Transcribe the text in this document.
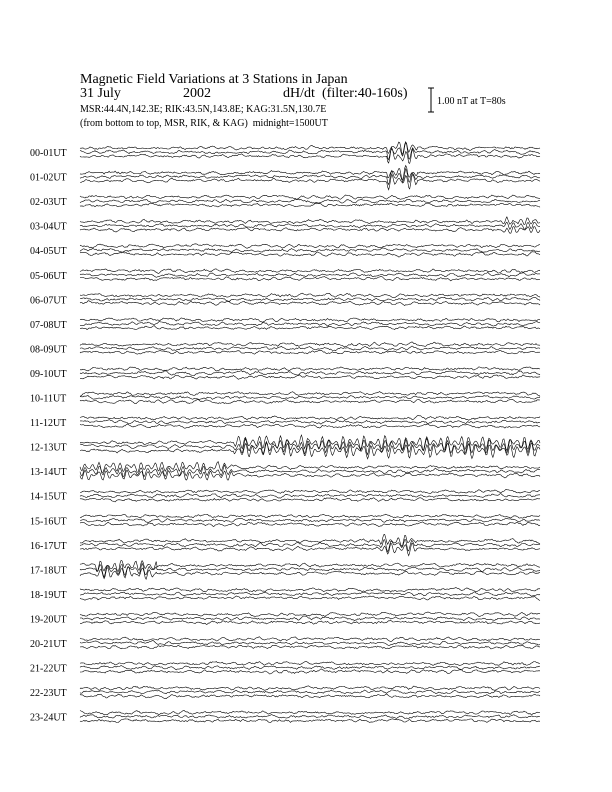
Magnetic Field Variations at 3 Stations in Japan
31 July	2002	dH/dt (filter:40-160s)
MSR:44.4N,142.3E; RIK:43.5N,143.8E; KAG:31.5N,130.7E
(from bottom to top, MSR, RIK, & KAG) midnight=1500UT
1.00 nT at T=80s
00-01UT
01-02UT
02-03UT
03-04UT
04-05UT
05-06UT
06-07UT
07-08UT
08-09UT
09-10UT
10-11UT
11-12UT
12-13UT
13-14UT
14-15UT
15-16UT
16-17UT
17-18UT
18-19UT
19-20UT
20-21UT
21-22UT
22-23UT
23-24UT
